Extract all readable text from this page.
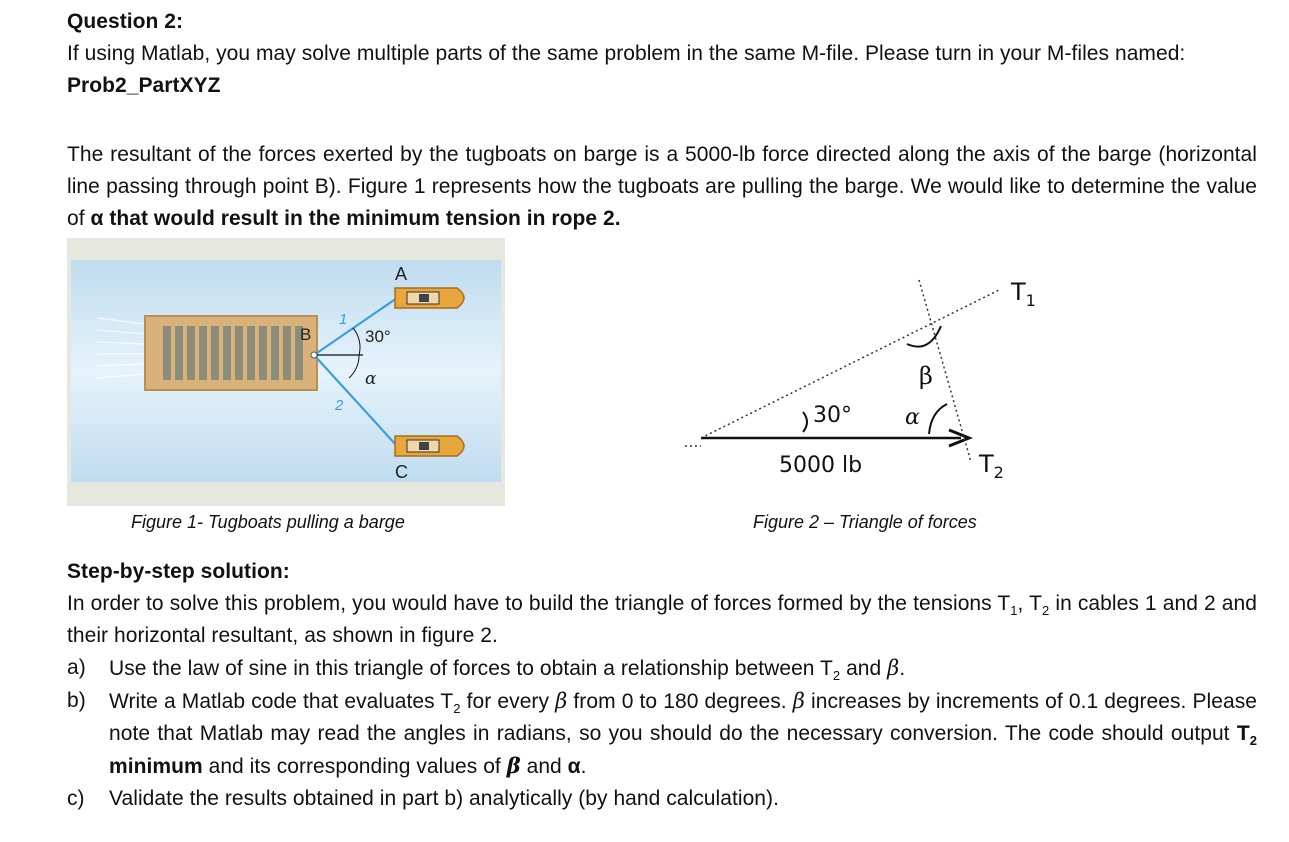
Question 2:

If using Matlab, you may solve multiple parts of the same problem in the same M-file. Please turn in your M-files named: Prob2_PartXYZ

The resultant of the forces exerted by the tugboats on barge is a 5000-lb force directed along the axis of the barge (horizontal line passing through point B). Figure 1 represents how the tugboats are pulling the barge. We would like to determine the value of α that would result in the minimum tension in rope 2.

A
B
C
1
2
30°
α
Figure 1- Tugboats pulling a barge
$T_1$
$T_2$
β
α
30°
5000 lb
Figure 2 – Triangle of forces

Step-by-step solution:

In order to solve this problem, you would have to build the triangle of forces formed by the tensions $T_1$, $T_2$ in cables 1 and 2 and their horizontal resultant, as shown in figure 2.

a)	Use the law of sine in this triangle of forces to obtain a relationship between $T_2$ and β.
b)	Write a Matlab code that evaluates $T_2$ for every β from 0 to 180 degrees. β increases by increments of 0.1 degrees. Please note that Matlab may read the angles in radians, so you should do the necessary conversion. The code should output $T_2$ minimum and its corresponding values of β and α.
c)	Validate the results obtained in part b) analytically (by hand calculation).
